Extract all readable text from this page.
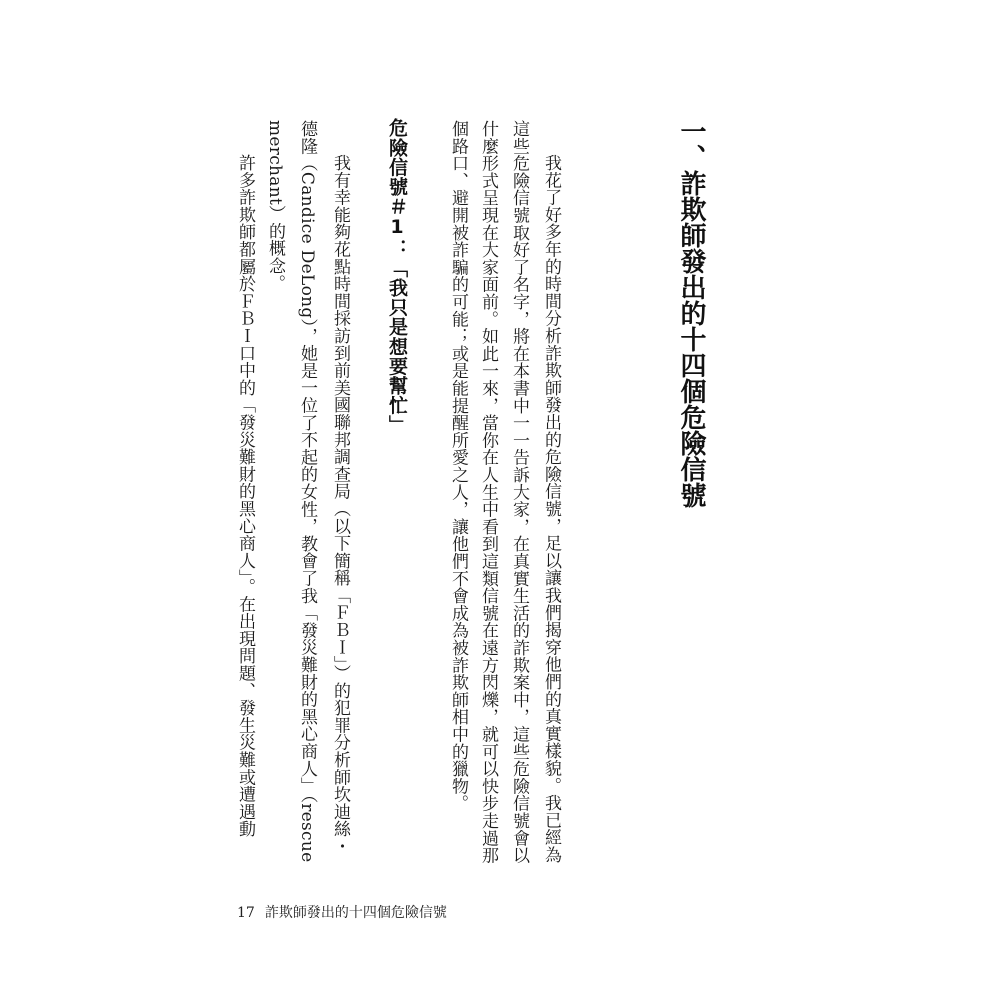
一、詐欺師發出的十四個危險信號
我花了好多年的時間分析詐欺師發出的危險信號，足以讓我們揭穿他們的真實樣貌。我已經為
這些危險信號取好了名字，將在本書中一一告訴大家，在真實生活的詐欺案中，這些危險信號會以
什麼形式呈現在大家面前。如此一來，當你在人生中看到這類信號在遠方閃爍，就可以快步走過那
個路口、避開被詐騙的可能；或是能提醒所愛之人，讓他們不會成為被詐欺師相中的獵物。
危險信號＃1：「我只是想要幫忙」
我有幸能夠花點時間採訪到前美國聯邦調查局（以下簡稱「ＦＢＩ」）的犯罪分析師坎迪絲・
德隆（Candice DeLong），她是一位了不起的女性，教會了我「發災難財的黑心商人」（rescue
merchant）的概念。
許多詐欺師都屬於ＦＢＩ口中的「發災難財的黑心商人」。在出現問題、發生災難或遭遇動
17 詐欺師發出的十四個危險信號
